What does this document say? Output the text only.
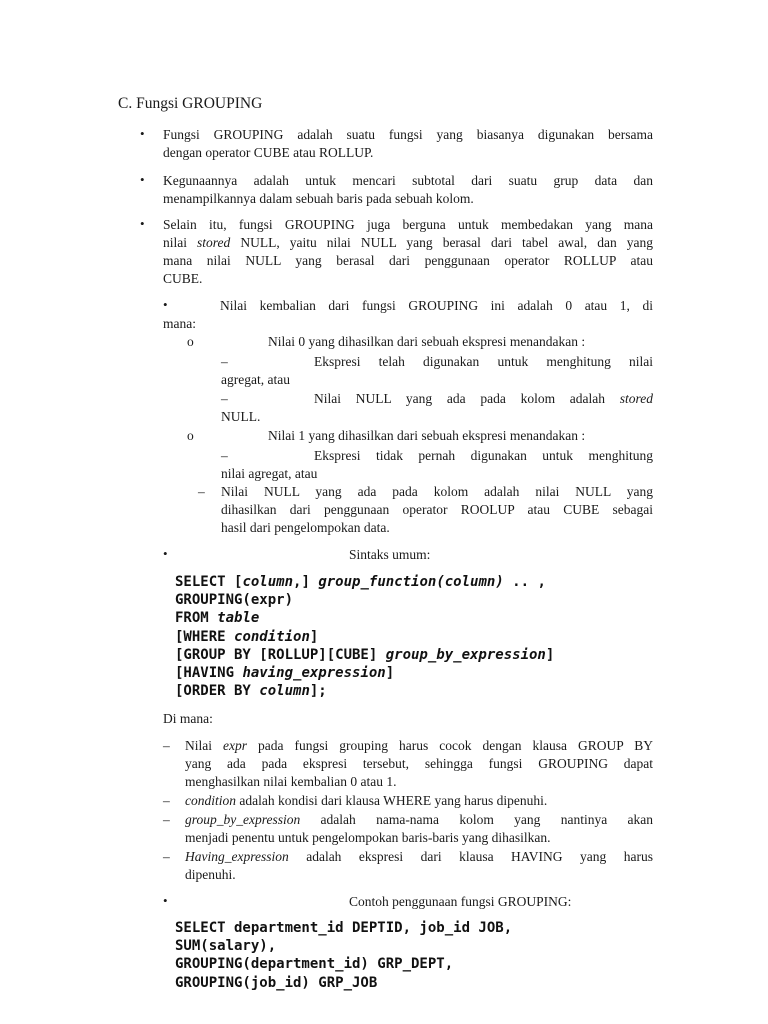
C. Fungsi GROUPING
• Fungsi GROUPING adalah suatu fungsi yang biasanya digunakan bersama
dengan operator CUBE atau ROLLUP.
• Kegunaannya adalah untuk mencari subtotal dari suatu grup data dan
menampilkannya dalam sebuah baris pada sebuah kolom.
• Selain itu, fungsi GROUPING juga berguna untuk membedakan yang mana
nilai stored NULL, yaitu nilai NULL yang berasal dari tabel awal, dan yang
mana nilai NULL yang berasal dari penggunaan operator ROLLUP atau
CUBE.
•	Nilai kembalian dari fungsi GROUPING ini adalah 0 atau 1, di
mana:
o	Nilai 0 yang dihasilkan dari sebuah ekspresi menandakan :
–	Ekspresi telah digunakan untuk menghitung nilai
agregat, atau
–	Nilai NULL yang ada pada kolom adalah stored
NULL.
o	Nilai 1 yang dihasilkan dari sebuah ekspresi menandakan :
–	Ekspresi tidak pernah digunakan untuk menghitung
nilai agregat, atau
– Nilai NULL yang ada pada kolom adalah nilai NULL yang
dihasilkan dari penggunaan operator ROOLUP atau CUBE sebagai
hasil dari pengelompokan data.
•	Sintaks umum:
SELECT [column,] group_function(column) .. ,
GROUPING(expr)
FROM table
[WHERE condition]
[GROUP BY [ROLLUP][CUBE] group_by_expression]
[HAVING having_expression]
[ORDER BY column];
Di mana:
– Nilai expr pada fungsi grouping harus cocok dengan klausa GROUP BY
yang ada pada ekspresi tersebut, sehingga fungsi GROUPING dapat
menghasilkan nilai kembalian 0 atau 1.
– condition adalah kondisi dari klausa WHERE yang harus dipenuhi.
– group_by_expression adalah nama-nama kolom yang nantinya akan
menjadi penentu untuk pengelompokan baris-baris yang dihasilkan.
– Having_expression adalah ekspresi dari klausa HAVING yang harus
dipenuhi.
•	Contoh penggunaan fungsi GROUPING:
SELECT department_id DEPTID, job_id JOB,
SUM(salary),
GROUPING(department_id) GRP_DEPT,
GROUPING(job_id) GRP_JOB
